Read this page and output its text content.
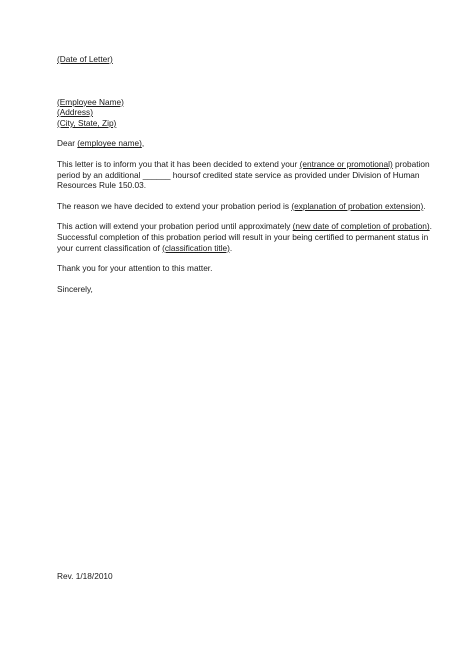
(Date of Letter)
(Employee Name)
(Address)
(City, State, Zip)
Dear (employee name),
This letter is to inform you that it has been decided to extend your (entrance or promotional) probation
period by an additional ______ hoursof credited state service as provided under Division of Human
Resources Rule 150.03.
The reason we have decided to extend your probation period is (explanation of probation extension).
This action will extend your probation period until approximately (new date of completion of probation).
Successful completion of this probation period will result in your being certified to permanent status in
your current classification of (classification title).
Thank you for your attention to this matter.
Sincerely,
Rev. 1/18/2010
